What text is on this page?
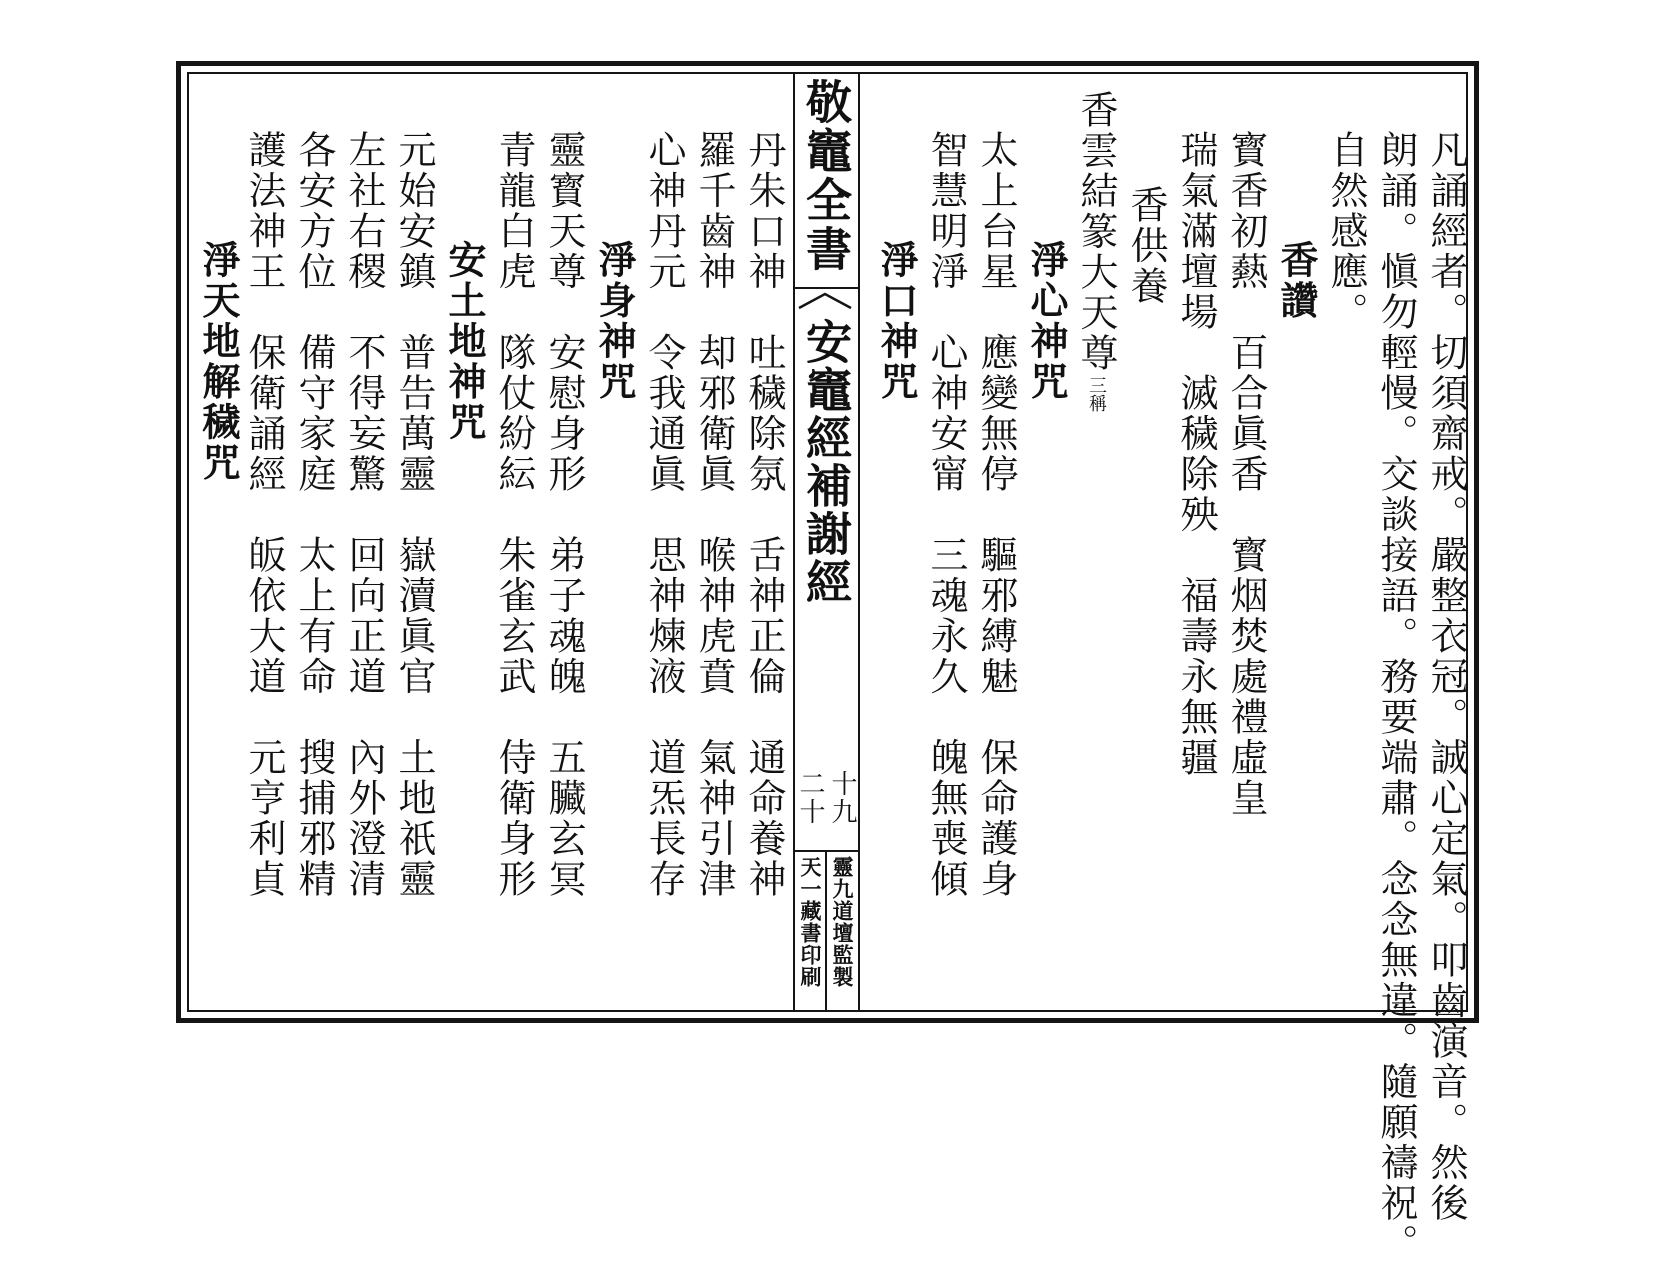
敬竈全書
安竈經補謝經
十九
二十
靈九道壇監製
天一藏書印刷	凡誦經者。切須齋戒。嚴整衣冠。誠心定氣。叩齒演音。然後
朗誦。愼勿輕慢。交談接語。務要端肅。念念無違。隨願禱祝。
自然感應。
香讚
寳香初爇　百合眞香　寳烟焚處禮虛皇
瑞氣滿壇場　滅穢除殃　福壽永無疆
香供養
香雲結篆大天尊
三稱
淨心神咒
太上台星　應變無停　驅邪縛魅　保命護身
智慧明淨　心神安甯　三魂永久　魄無喪傾
淨口神咒
丹朱口神　吐穢除氛　舌神正倫　通命養神
羅千齒神　却邪衛眞　喉神虎賁　氣神引津
心神丹元　令我通眞　思神煉液　道炁長存
淨身神咒
靈寳天尊　安慰身形　弟子魂魄　五臟玄冥
青龍白虎　隊仗紛紜　朱雀玄武　侍衛身形
安土地神咒
元始安鎮　普告萬靈　嶽瀆眞官　土地祇靈
左社右稷　不得妄驚　回向正道　內外澄清
各安方位　備守家庭　太上有命　搜捕邪精
護法神王　保衛誦經　皈依大道　元亨利貞
淨天地解穢咒
